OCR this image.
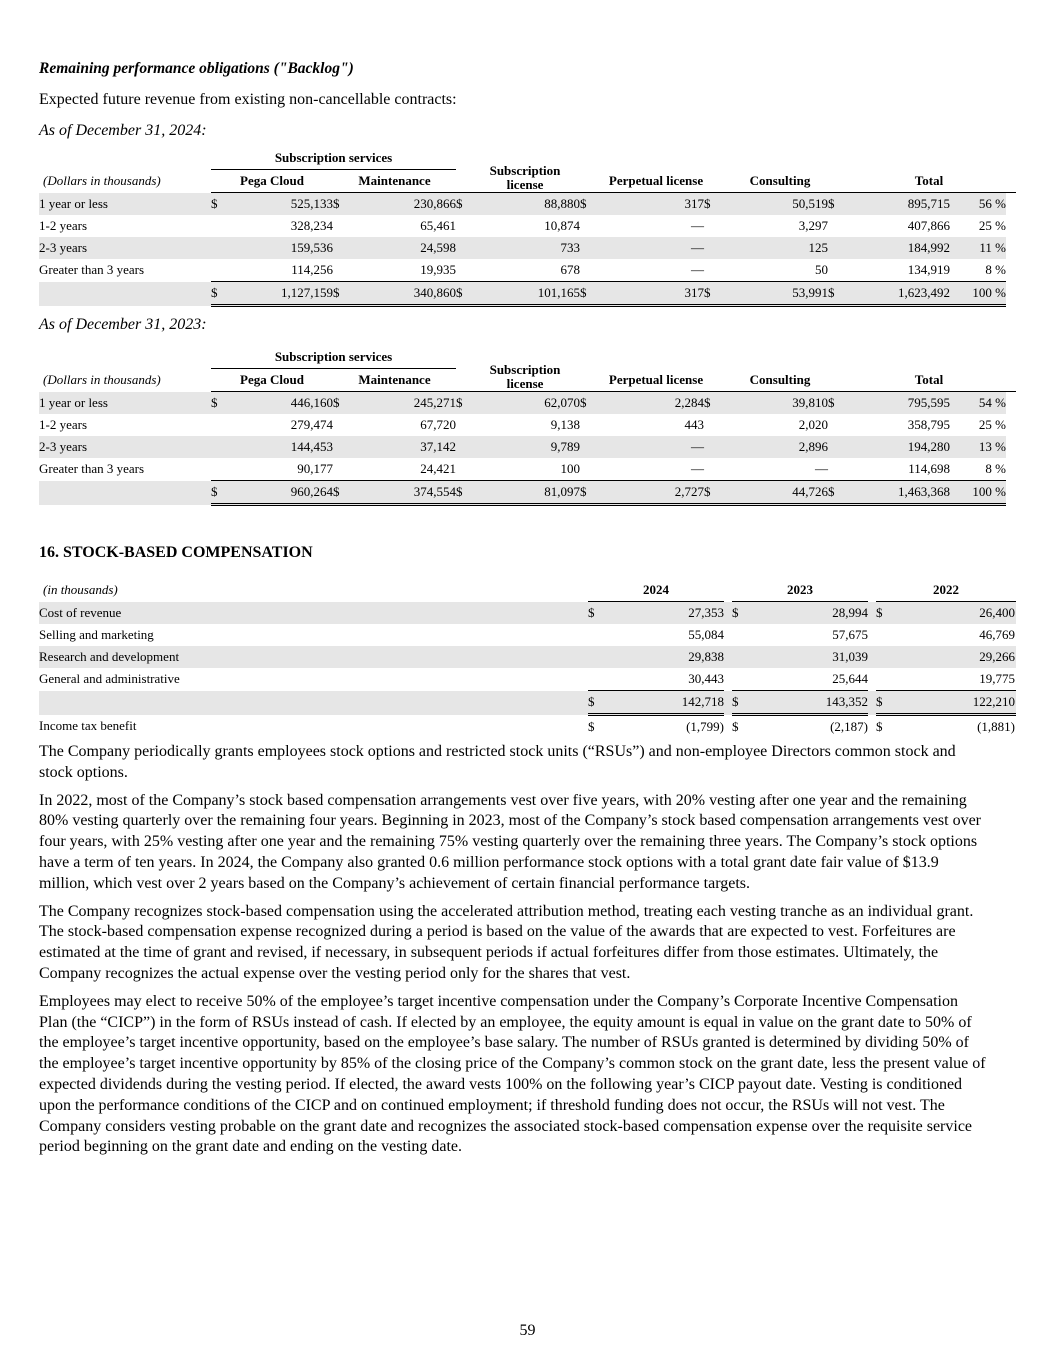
Remaining performance obligations ("Backlog")
Expected future revenue from existing non-cancellable contracts:
As of December 31, 2024:
	Subscription services					Subscription
license							
(Dollars in thousands)	Pega Cloud		Maintenance					Perpetual license		Consulting		Total	
1 year or less	$	525,133	$	230,866	$	88,880	$	317	$	50,519	$	895,715	56 %
1-2 years		328,234		65,461		10,874		—		3,297		407,866	25 %
2-3 years		159,536		24,598		733		—		125		184,992	11 %
Greater than 3 years		114,256		19,935		678		—		50		134,919	8 %
	$	1,127,159	$	340,860	$	101,165	$	317	$	53,991	$	1,623,492	100 %
As of December 31, 2023:
	Subscription services					Subscription
license							
(Dollars in thousands)	Pega Cloud		Maintenance					Perpetual license		Consulting		Total	
1 year or less	$	446,160	$	245,271	$	62,070	$	2,284	$	39,810	$	795,595	54 %
1-2 years		279,474		67,720		9,138		443		2,020		358,795	25 %
2-3 years		144,453		37,142		9,789		—		2,896		194,280	13 %
Greater than 3 years		90,177		24,421		100		—		—		114,698	8 %
	$	960,264	$	374,554	$	81,097	$	2,727	$	44,726	$	1,463,368	100 %
16. STOCK-BASED COMPENSATION
(in thousands)	2024			2023			2022	
Cost of revenue	$	27,353		$	28,994		$	26,400
Selling and marketing		55,084			57,675			46,769
Research and development		29,838			31,039			29,266
General and administrative		30,443			25,644			19,775
	$	142,718		$	143,352		$	122,210
Income tax benefit	$	(1,799)		$	(2,187)		$	(1,881)

The Company periodically grants employees stock options and restricted stock units (“RSUs”) and non-employee Directors common stock and stock options.

In 2022, most of the Company’s stock based compensation arrangements vest over five years, with 20% vesting after one year and the remaining 80% vesting quarterly over the remaining four years. Beginning in 2023, most of the Company’s stock based compensation arrangements vest over four years, with 25% vesting after one year and the remaining 75% vesting quarterly over the remaining three years. The Company’s stock options have a term of ten years. In 2024, the Company also granted 0.6 million performance stock options with a total grant date fair value of $13.9 million, which vest over 2 years based on the Company’s achievement of certain financial performance targets.

The Company recognizes stock-based compensation using the accelerated attribution method, treating each vesting tranche as an individual grant. The stock-based compensation expense recognized during a period is based on the value of the awards that are expected to vest. Forfeitures are estimated at the time of grant and revised, if necessary, in subsequent periods if actual forfeitures differ from those estimates. Ultimately, the Company recognizes the actual expense over the vesting period only for the shares that vest.

Employees may elect to receive 50% of the employee’s target incentive compensation under the Company’s Corporate Incentive Compensation Plan (the “CICP”) in the form of RSUs instead of cash. If elected by an employee, the equity amount is equal in value on the grant date to 50% of the employee’s target incentive opportunity, based on the employee’s base salary. The number of RSUs granted is determined by dividing 50% of the employee’s target incentive opportunity by 85% of the closing price of the Company’s common stock on the grant date, less the present value of expected dividends during the vesting period. If elected, the award vests 100% on the following year’s CICP payout date. Vesting is conditioned upon the performance conditions of the CICP and on continued employment; if threshold funding does not occur, the RSUs will not vest. The Company considers vesting probable on the grant date and recognizes the associated stock-based compensation expense over the requisite service period beginning on the grant date and ending on the vesting date.

59
